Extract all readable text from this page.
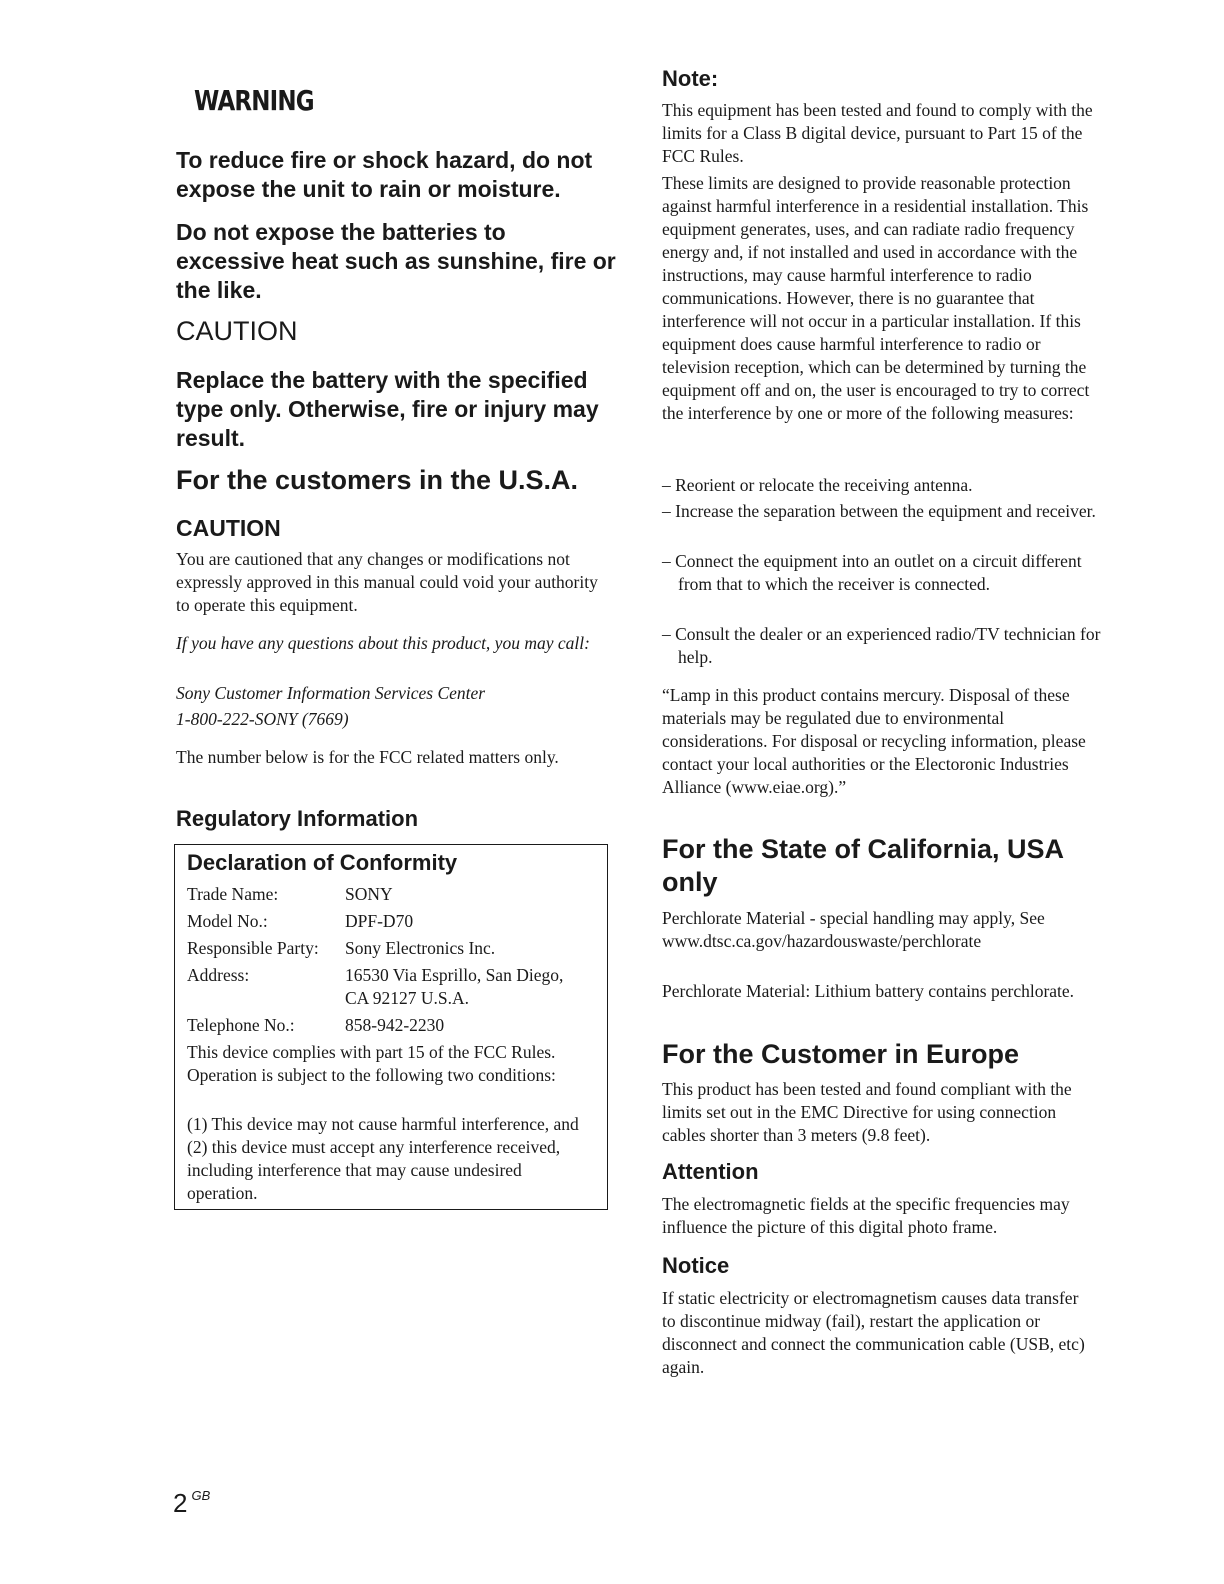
WARNING

To reduce fire or shock hazard, do not expose the unit to rain or moisture.

Do not expose the batteries to excessive heat such as sunshine, fire or the like.

CAUTION

Replace the battery with the specified type only. Otherwise, fire or injury may result.

For the customers in the U.S.A.
CAUTION

You are cautioned that any changes or modifications not expressly approved in this manual could void your authority to operate this equipment.

If you have any questions about this product, you may call:

Sony Customer Information Services Center

1-800-222-SONY (7669)

The number below is for the FCC related matters only.

Regulatory Information
Declaration of Conformity
Trade Name:	SONY
Model No.:	DPF-D70
Responsible Party: Sony Electronics Inc.
Address:	16530 Via Esprillo, San Diego,
CA 92127 U.S.A.
Telephone No.:	858-942-2230

This device complies with part 15 of the FCC Rules. Operation is subject to the following two conditions:

(1) This device may not cause harmful interference, and (2) this device must accept any interference received, including interference that may cause undesired operation.

Note:

This equipment has been tested and found to comply with the limits for a Class B digital device, pursuant to Part 15 of the FCC Rules.

These limits are designed to provide reasonable protection against harmful interference in a residential installation. This equipment generates, uses, and can radiate radio frequency energy and, if not installed and used in accordance with the instructions, may cause harmful interference to radio communications. However, there is no guarantee that interference will not occur in a particular installation. If this equipment does cause harmful interference to radio or television reception, which can be determined by turning the equipment off and on, the user is encouraged to try to correct the interference by one or more of the following measures:

– Reorient or relocate the receiving antenna.

– Increase the separation between the equipment and receiver.

– Connect the equipment into an outlet on a circuit different from that to which the receiver is connected.

– Consult the dealer or an experienced radio/TV technician for help.

“Lamp in this product contains mercury. Disposal of these materials may be regulated due to environmental considerations. For disposal or recycling information, please contact your local authorities or the Electoronic Industries Alliance (www.eiae.org).”

For the State of California, USA only

Perchlorate Material - special handling may apply, See www.dtsc.ca.gov/hazardouswaste/perchlorate

Perchlorate Material: Lithium battery contains perchlorate.

For the Customer in Europe

This product has been tested and found compliant with the limits set out in the EMC Directive for using connection cables shorter than 3 meters (9.8 feet).

Attention

The electromagnetic fields at the specific frequencies may influence the picture of this digital photo frame.

Notice

If static electricity or electromagnetism causes data transfer to discontinue midway (fail), restart the application or disconnect and connect the communication cable (USB, etc) again.

2 $^{GB}$
